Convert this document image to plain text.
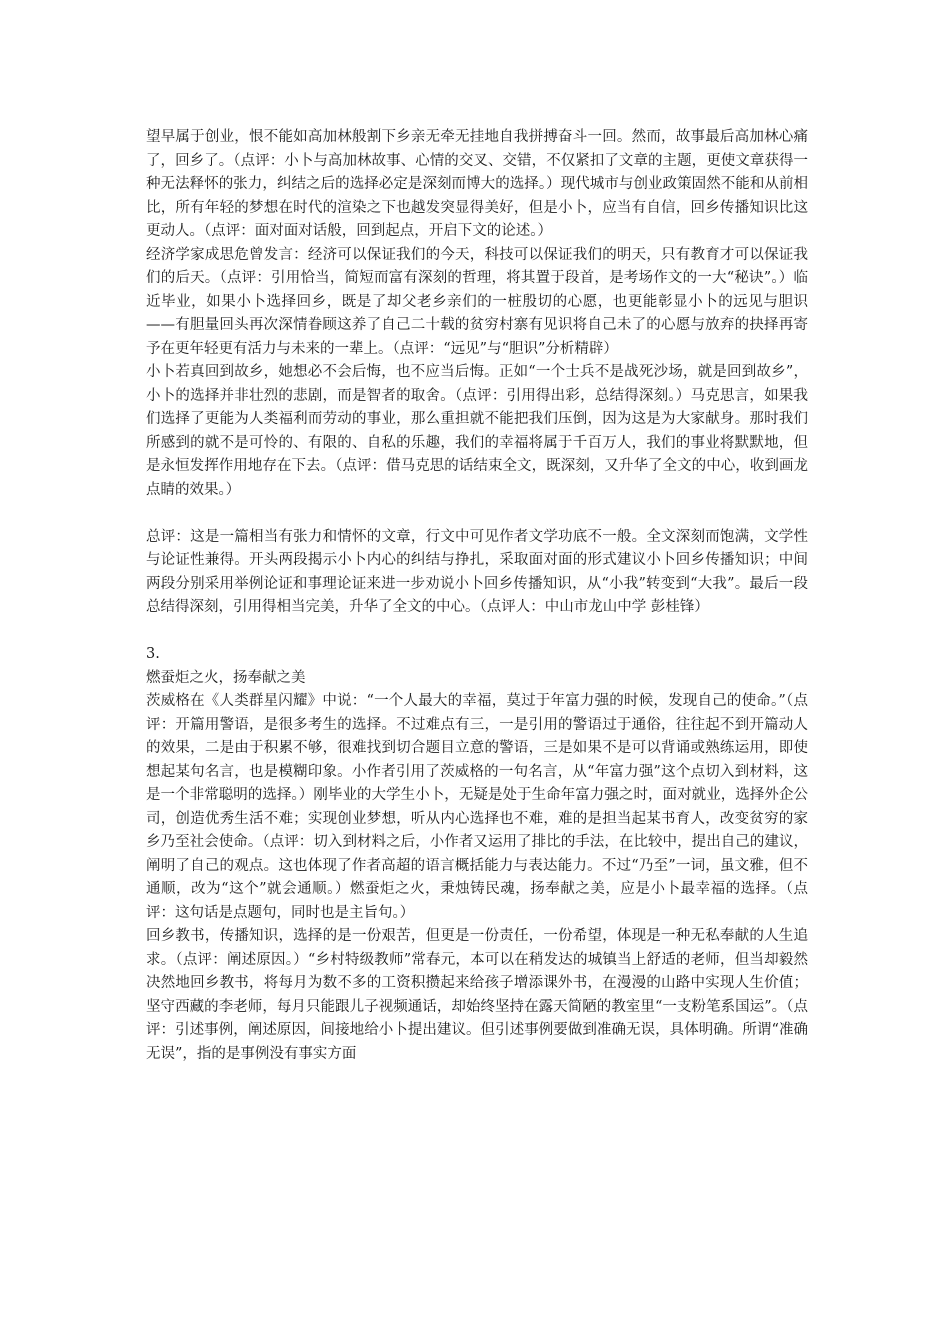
望早属于创业，恨不能如高加林般割下乡亲无牵无挂地自我拼搏奋斗一回。然而，故事最后高加林心痛了，回乡了。（点评：小卜与高加林故事、心情的交叉、交错，不仅紧扣了文章的主题，更使文章获得一种无法释怀的张力，纠结之后的选择必定是深刻而博大的选择。）现代城市与创业政策固然不能和从前相比，所有年轻的梦想在时代的渲染之下也越发突显得美好，但是小卜，应当有自信，回乡传播知识比这更动人。（点评：面对面对话般，回到起点，开启下文的论述。）

经济学家成思危曾发言：经济可以保证我们的今天，科技可以保证我们的明天，只有教育才可以保证我们的后天。（点评：引用恰当，简短而富有深刻的哲理，将其置于段首，是考场作文的一大“秘诀”。）临近毕业，如果小卜选择回乡，既是了却父老乡亲们的一桩殷切的心愿，也更能彰显小卜的远见与胆识——有胆量回头再次深情眷顾这养了自己二十载的贫穷村寨有见识将自己未了的心愿与放弃的抉择再寄予在更年轻更有活力与未来的一辈上。（点评：“远见”与“胆识”分析精辟）

小卜若真回到故乡，她想必不会后悔，也不应当后悔。正如“一个士兵不是战死沙场，就是回到故乡”，小卜的选择并非壮烈的悲剧，而是智者的取舍。（点评：引用得出彩，总结得深刻。）马克思言，如果我们选择了更能为人类福利而劳动的事业，那么重担就不能把我们压倒，因为这是为大家献身。那时我们所感到的就不是可怜的、有限的、自私的乐趣，我们的幸福将属于千百万人，我们的事业将默默地，但是永恒发挥作用地存在下去。（点评：借马克思的话结束全文，既深刻，又升华了全文的中心，收到画龙点睛的效果。）

总评：这是一篇相当有张力和情怀的文章，行文中可见作者文学功底不一般。全文深刻而饱满，文学性与论证性兼得。开头两段揭示小卜内心的纠结与挣扎，采取面对面的形式建议小卜回乡传播知识；中间两段分别采用举例论证和事理论证来进一步劝说小卜回乡传播知识，从“小我”转变到“大我”。最后一段总结得深刻，引用得相当完美，升华了全文的中心。（点评人：中山市龙山中学 彭桂锋）

3.

燃蚕炬之火，扬奉献之美

茨威格在《人类群星闪耀》中说：“一个人最大的幸福，莫过于年富力强的时候，发现自己的使命。”（点评：开篇用警语，是很多考生的选择。不过难点有三，一是引用的警语过于通俗，往往起不到开篇动人的效果，二是由于积累不够，很难找到切合题目立意的警语，三是如果不是可以背诵或熟练运用，即使想起某句名言，也是模糊印象。小作者引用了茨威格的一句名言，从“年富力强”这个点切入到材料，这是一个非常聪明的选择。）刚毕业的大学生小卜，无疑是处于生命年富力强之时，面对就业，选择外企公司，创造优秀生活不难；实现创业梦想，听从内心选择也不难，难的是担当起某书育人，改变贫穷的家乡乃至社会使命。（点评：切入到材料之后，小作者又运用了排比的手法，在比较中，提出自己的建议，阐明了自己的观点。这也体现了作者高超的语言概括能力与表达能力。不过“乃至”一词，虽文雅，但不通顺，改为“这个”就会通顺。）燃蚕炬之火，秉烛铸民魂，扬奉献之美，应是小卜最幸福的选择。（点评：这句话是点题句，同时也是主旨句。）

回乡教书，传播知识，选择的是一份艰苦，但更是一份责任，一份希望，体现是一种无私奉献的人生追求。（点评：阐述原因。）“乡村特级教师”常春元，本可以在稍发达的城镇当上舒适的老师，但当却毅然决然地回乡教书，将每月为数不多的工资积攒起来给孩子增添课外书，在漫漫的山路中实现人生价值；坚守西藏的李老师，每月只能跟儿子视频通话，却始终坚持在露天简陋的教室里“一支粉笔系国运”。（点评：引述事例，阐述原因，间接地给小卜提出建议。但引述事例要做到准确无误，具体明确。所谓“准确无误”，指的是事例没有事实方面
